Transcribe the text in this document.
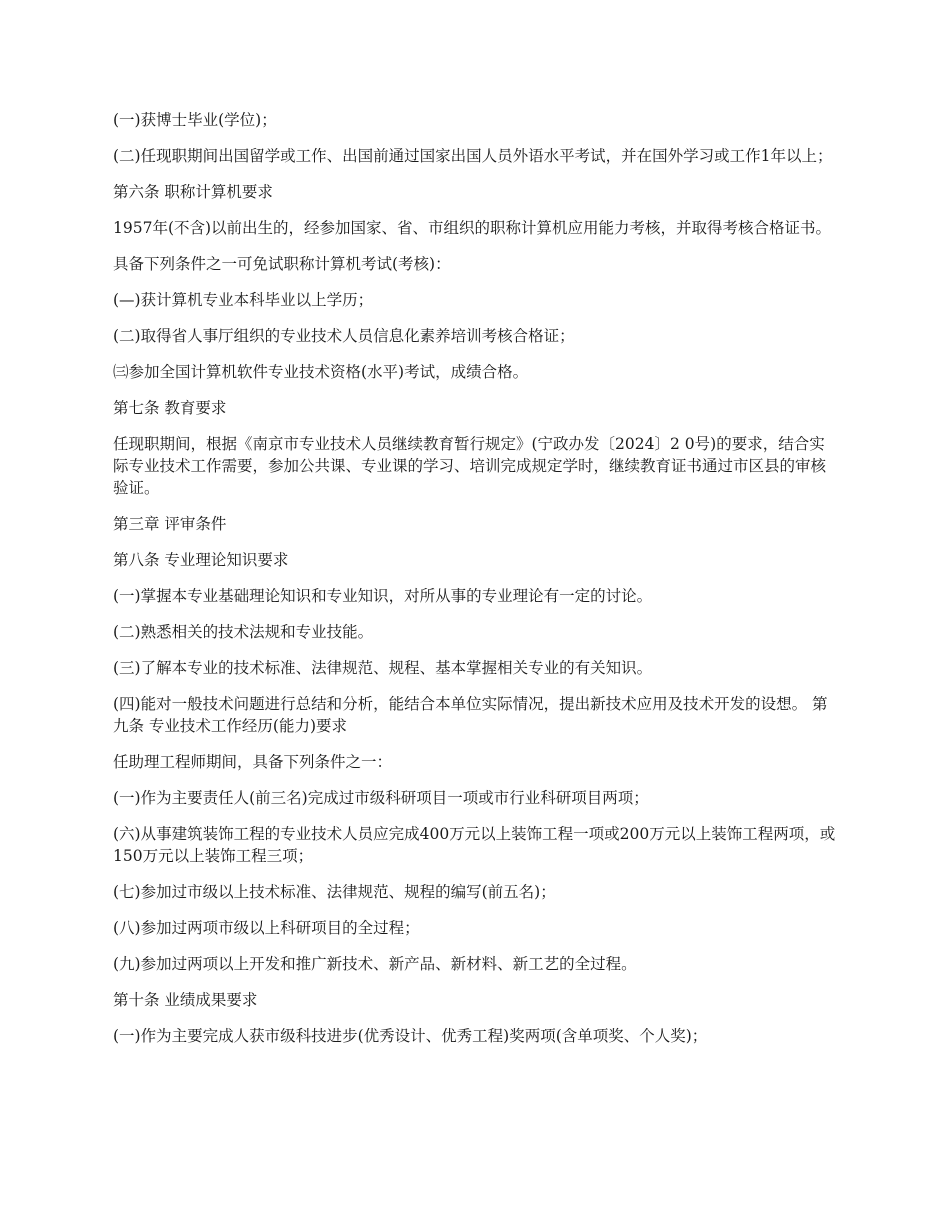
(一)获博士毕业(学位)；

(二)任现职期间出国留学或工作、出国前通过国家出国人员外语水平考试，并在国外学习或工作1年以上；

第六条 职称计算机要求

1957年(不含)以前出生的，经参加国家、省、市组织的职称计算机应用能力考核，并取得考核合格证书。

具备下列条件之一可免试职称计算机考试(考核)：

(—)获计算机专业本科毕业以上学历；

(二)取得省人事厅组织的专业技术人员信息化素养培训考核合格证；

㈢参加全国计算机软件专业技术资格(水平)考试，成绩合格。

第七条 教育要求

任现职期间，根据《南京市专业技术人员继续教育暂行规定》(宁政办发〔2024〕2 0号)的要求，结合实际专业技术工作需要，参加公共课、专业课的学习、培训完成规定学时，继续教育证书通过市区县的审核验证。

第三章 评审条件

第八条 专业理论知识要求

(一)掌握本专业基础理论知识和专业知识，对所从事的专业理论有一定的讨论。

(二)熟悉相关的技术法规和专业技能。

(三)了解本专业的技术标准、法律规范、规程、基本掌握相关专业的有关知识。

(四)能对一般技术问题进行总结和分析，能结合本单位实际情况，提出新技术应用及技术开发的设想。 第九条 专业技术工作经历(能力)要求

任助理工程师期间，具备下列条件之一：

(一)作为主要责任人(前三名)完成过市级科研项目一项或市行业科研项目两项；

(六)从事建筑装饰工程的专业技术人员应完成400万元以上装饰工程一项或200万元以上装饰工程两项，或150万元以上装饰工程三项；

(七)参加过市级以上技术标准、法律规范、规程的编写(前五名)；

(八)参加过两项市级以上科研项目的全过程；

(九)参加过两项以上开发和推广新技术、新产品、新材料、新工艺的全过程。

第十条 业绩成果要求

(一)作为主要完成人获市级科技进步(优秀设计、优秀工程)奖两项(含单项奖、个人奖)；
